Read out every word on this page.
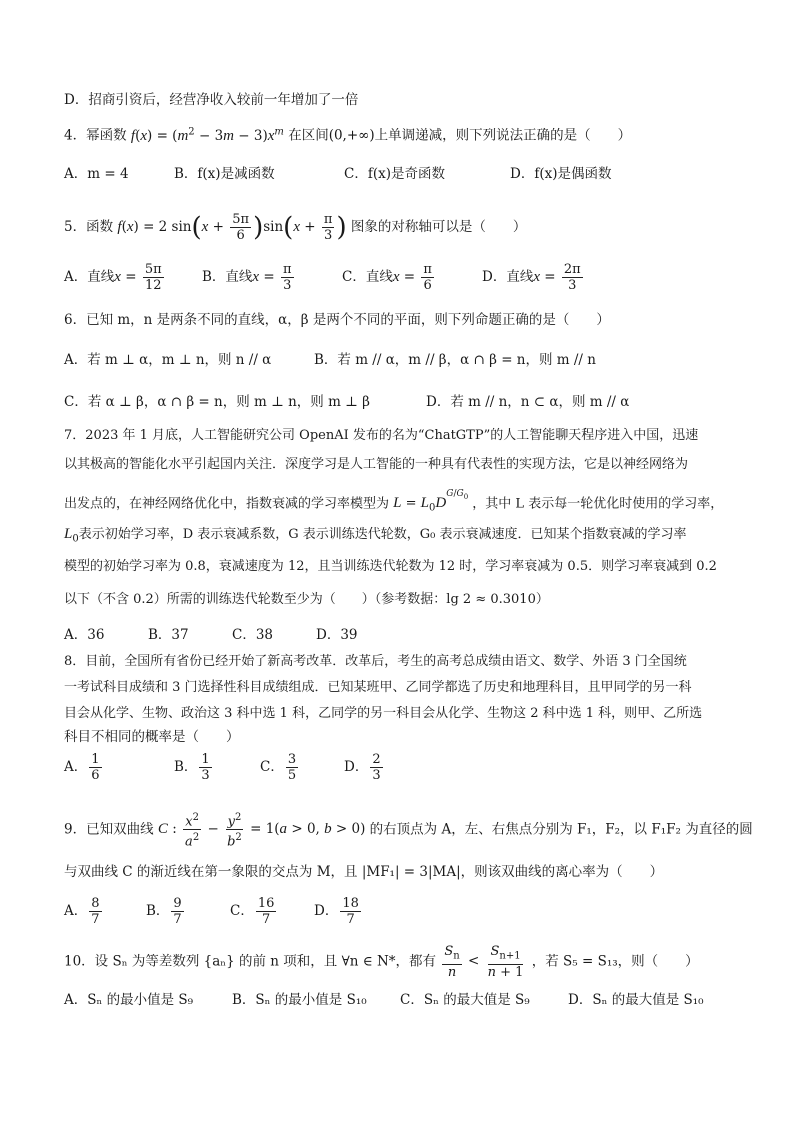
D．招商引资后，经营净收入较前一年增加了一倍
4．幂函数 $f(x) = (m^2 - 3m - 3)x^m$ 在区间(0,+∞)上单调递减，则下列说法正确的是（　　）
A．m = 4	B．f(x)是减函数	C．f(x)是奇函数	D．f(x)是偶函数
5．函数 f(x) = 2 $\sin(x + \frac{5\pi}{6} )\sin(x + \frac{\pi}{3}$ ) 图象的对称轴可以是（　　）
A．直线$x = \frac{5\pi}{12}$	B．直线$x = \frac{\pi}{3}$	C．直线$x = \frac{\pi}{6}$	D．直线$x = \frac{2\pi}{3}$
6．已知 m，n 是两条不同的直线，α，β 是两个不同的平面，则下列命题正确的是（　　）
A．若 m ⊥ α，m ⊥ n，则 n // α	B．若 m // α，m // β，α ∩ β = n，则 m // n
C．若 α ⊥ β，α ∩ β = n，则 m ⊥ n，则 m ⊥ β	D．若 m // n，n ⊂ α，则 m // α
7．2023 年 1 月底，人工智能研究公司 OpenAI 发布的名为“ChatGTP”的人工智能聊天程序进入中国，迅速
以其极高的智能化水平引起国内关注．深度学习是人工智能的一种具有代表性的实现方法，它是以神经网络为
出发点的，在神经网络优化中，指数衰减的学习率模型为 $L = L_0D^{G/G_0}$ ，其中 L 表示每一轮优化时使用的学习率，
$L_0$表示初始学习率，D 表示衰减系数，G 表示训练迭代轮数，G₀ 表示衰减速度．已知某个指数衰减的学习率
模型的初始学习率为 0.8，衰减速度为 12，且当训练迭代轮数为 12 时，学习率衰减为 0.5．则学习率衰减到 0.2
以下（不含 0.2）所需的训练迭代轮数至少为（　　）（参考数据：lg 2 ≈ 0.3010）
A．36	B．37	C．38	D．39
8．目前，全国所有省份已经开始了新高考改革．改革后，考生的高考总成绩由语文、数学、外语 3 门全国统
一考试科目成绩和 3 门选择性科目成绩组成．已知某班甲、乙同学都选了历史和地理科目，且甲同学的另一科
目会从化学、生物、政治这 3 科中选 1 科，乙同学的另一科目会从化学、生物这 2 科中选 1 科，则甲、乙所选
科目不相同的概率是（　　）
A． $\frac{1}{6}$	B． $\frac{1}{3}$	C． $\frac{3}{5}$	D． $\frac{2}{3}$
9．已知双曲线 C : $\frac{x^2}{a^2} - \frac{y^2}{b^2} = 1(a > 0$, b > 0) 的右顶点为 A，左、右焦点分别为 F₁，F₂，以 F₁F₂ 为直径的圆
与双曲线 C 的渐近线在第一象限的交点为 M，且 |MF₁| = 3|MA|，则该双曲线的离心率为（　　）
A． $\frac{8}{7}$	B． $\frac{9}{7}$	C． $\frac{16}{7}$	D． $\frac{18}{7}$
10．设 Sₙ 为等差数列 {aₙ} 的前 n 项和，且 ∀n ∈ N*，都有 $\frac{S_n}{n} < \frac{S_{n+1}}{n + 1}$ ，若 S₅ = S₁₃，则（　　）
A．Sₙ 的最小值是 S₉	B．Sₙ 的最小值是 S₁₀ C．Sₙ 的最大值是 S₉	D．Sₙ 的最大值是 S₁₀
